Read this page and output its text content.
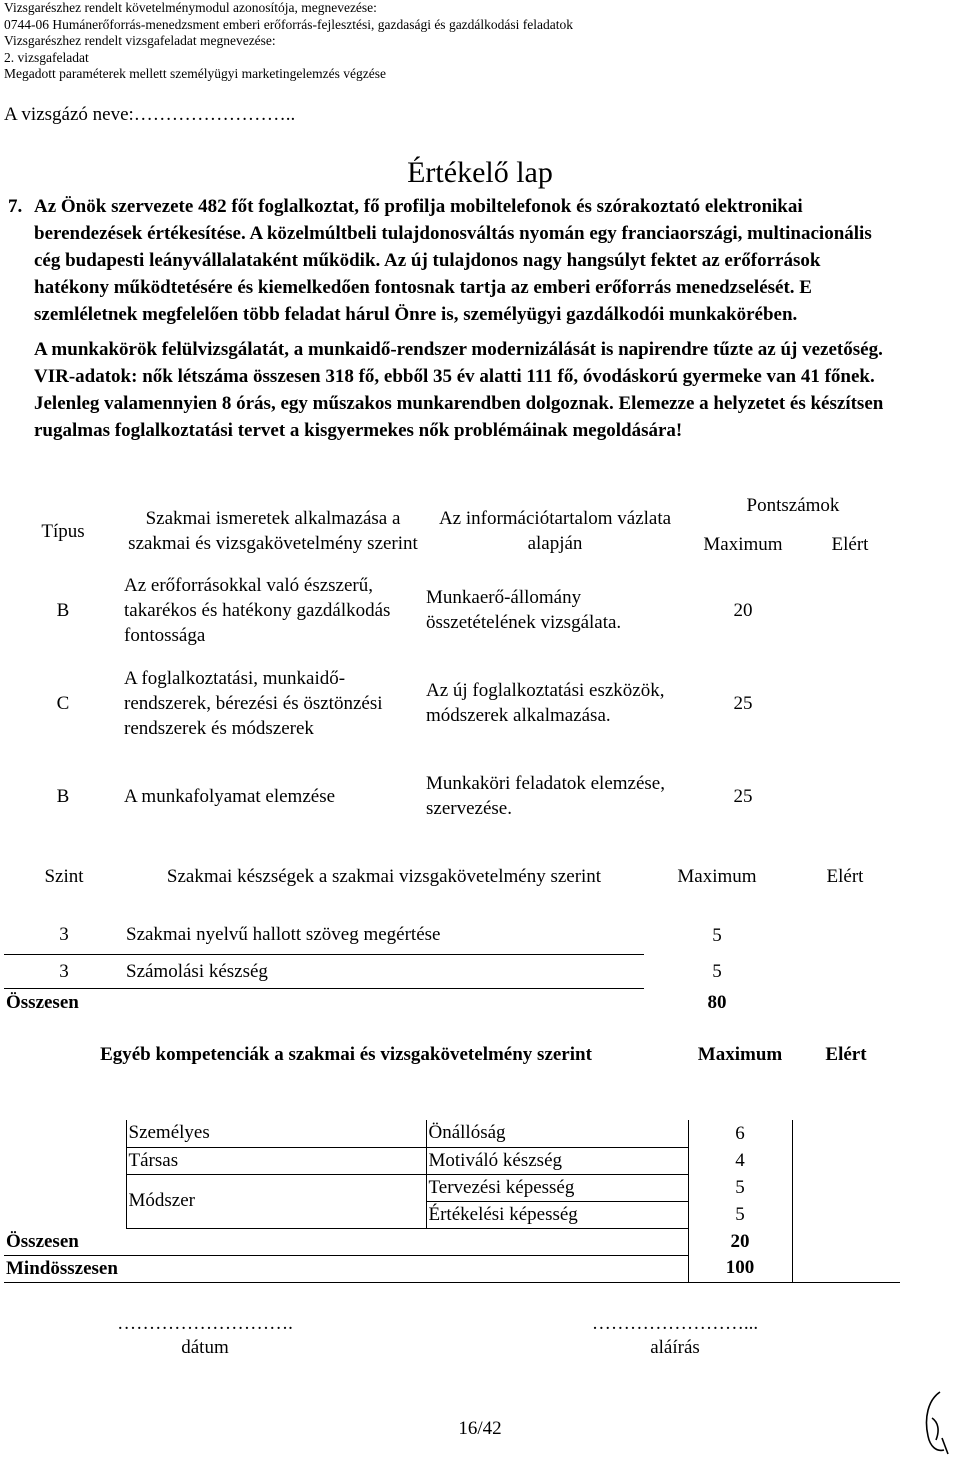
Vizsgarészhez rendelt követelménymodul azonosítója, megnevezése:
0744-06 Humánerőforrás-menedzsment emberi erőforrás-fejlesztési, gazdasági és gazdálkodási feladatok
Vizsgarészhez rendelt vizsgafeladat megnevezése:
2. vizsgafeladat
Megadott paraméterek mellett személyügyi marketingelemzés végzése
A vizsgázó neve:……………………..
Értékelő lap
7. Az Önök szervezete 482 főt foglalkoztat, fő profilja mobiltelefonok és szórakoztató elektronikai berendezések értékesítése. A közelmúltbeli tulajdonosváltás nyomán egy franciaországi, multinacionális cég budapesti leányvállalataként működik. Az új tulajdonos nagy hangsúlyt fektet az erőforrások hatékony működtetésére és kiemelkedően fontosnak tartja az emberi erőforrás menedzselését. E szemléletnek megfelelően több feladat hárul Önre is, személyügyi gazdálkodói munkakörében.

A munkakörök felülvizsgálatát, a munkaidő-rendszer modernizálását is napirendre tűzte az új vezetőség. VIR-adatok: nők létszáma összesen 318 fő, ebből 35 év alatti 111 fő, óvodáskorú gyermeke van 41 főnek. Jelenleg valamennyien 8 órás, egy műszakos munkarendben dolgoznak. Elemezze a helyzetet és készítsen rugalmas foglalkoztatási tervet a kisgyermekes nők problémáinak megoldására!

Típus	Szakmai ismeretek alkalmazása a szakmai és vizsgakövetelmény szerint	Az információtartalom vázlata alapján	Pontszámok	
			Maximum	Elért
B	Az erőforrásokkal való észszerű, takarékos és hatékony gazdálkodás fontossága	Munkaerő-állomány összetételének vizsgálata.	20	
C	A foglalkoztatási, munkaidő-rendszerek, bérezési és ösztönzési rendszerek és módszerek	Az új foglalkoztatási eszközök, módszerek alkalmazása.	25	
B	A munkafolyamat elemzése	Munkaköri feladatok elemzése, szervezése.	25	
Szint	Szakmai készségek a szakmai vizsgakövetelmény szerint	Maximum	Elért
3	Szakmai nyelvű hallott szöveg megértése	5	
3	Számolási készség	5	
Összesen		80	
Egyéb kompetenciák a szakmai és vizsgakövetelmény szerint			Maximum	Elért

	Személyes	Önállóság	6	
	Társas	Motiváló készség	4	
	Módszer	Tervezési képesség	5	
		Értékelési képesség	5	
Összesen			20	
Mindösszesen			100	
……………………….
dátum
……………………...
aláírás
16/42
